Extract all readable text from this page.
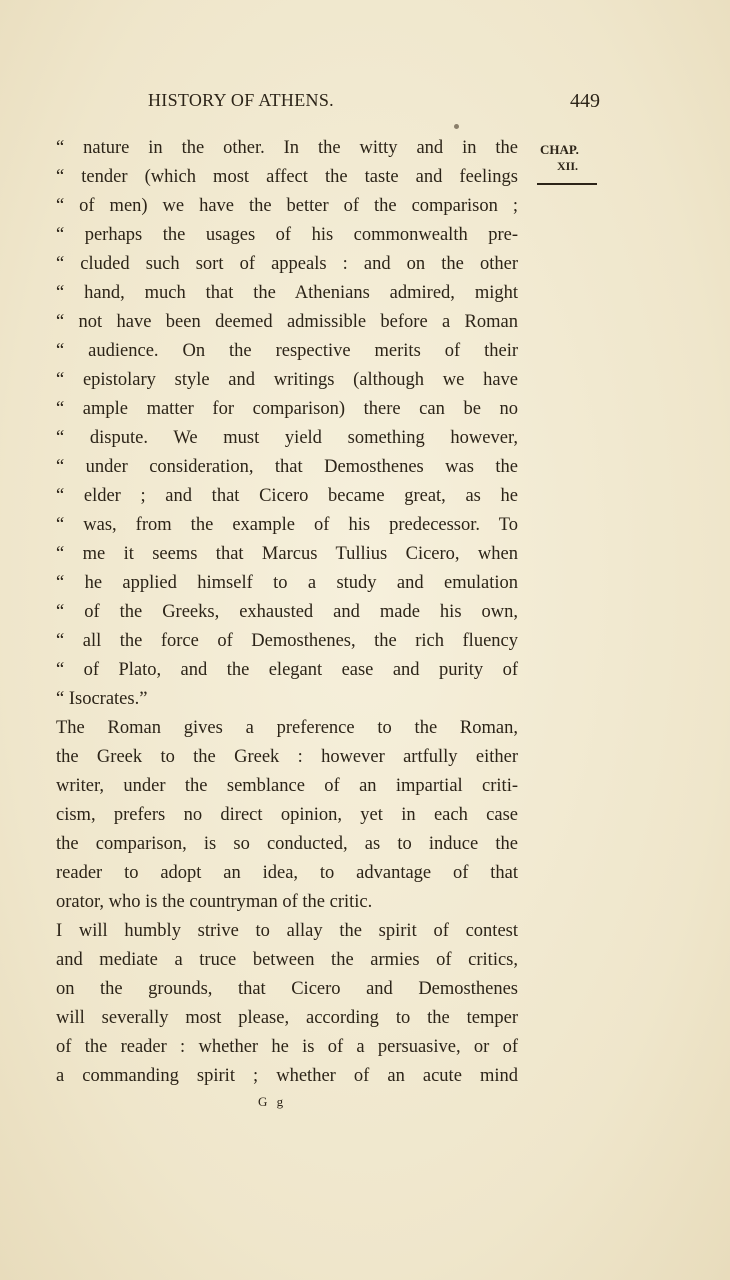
HISTORY OF ATHENS.	449
CHAP.
XII.
“ nature in the other. In the witty and in the
“ tender (which most affect the taste and feelings
“ of men) we have the better of the comparison ;
“ perhaps the usages of his commonwealth pre-
“ cluded such sort of appeals : and on the other
“ hand, much that the Athenians admired, might
“ not have been deemed admissible before a Roman
“ audience. On the respective merits of their
“ epistolary style and writings (although we have
“ ample matter for comparison) there can be no
“ dispute. We must yield something however,
“ under consideration, that Demosthenes was the
“ elder ; and that Cicero became great, as he
“ was, from the example of his predecessor. To
“ me it seems that Marcus Tullius Cicero, when
“ he applied himself to a study and emulation
“ of the Greeks, exhausted and made his own,
“ all the force of Demosthenes, the rich fluency
“ of Plato, and the elegant ease and purity of
“ Isocrates.”
The Roman gives a preference to the Roman,
the Greek to the Greek : however artfully either
writer, under the semblance of an impartial criti-
cism, prefers no direct opinion, yet in each case
the comparison, is so conducted, as to induce the
reader to adopt an idea, to advantage of that
orator, who is the countryman of the critic.
I will humbly strive to allay the spirit of contest
and mediate a truce between the armies of critics,
on the grounds, that Cicero and Demosthenes
will severally most please, according to the temper
of the reader : whether he is of a persuasive, or of
a commanding spirit ; whether of an acute mind
G g
